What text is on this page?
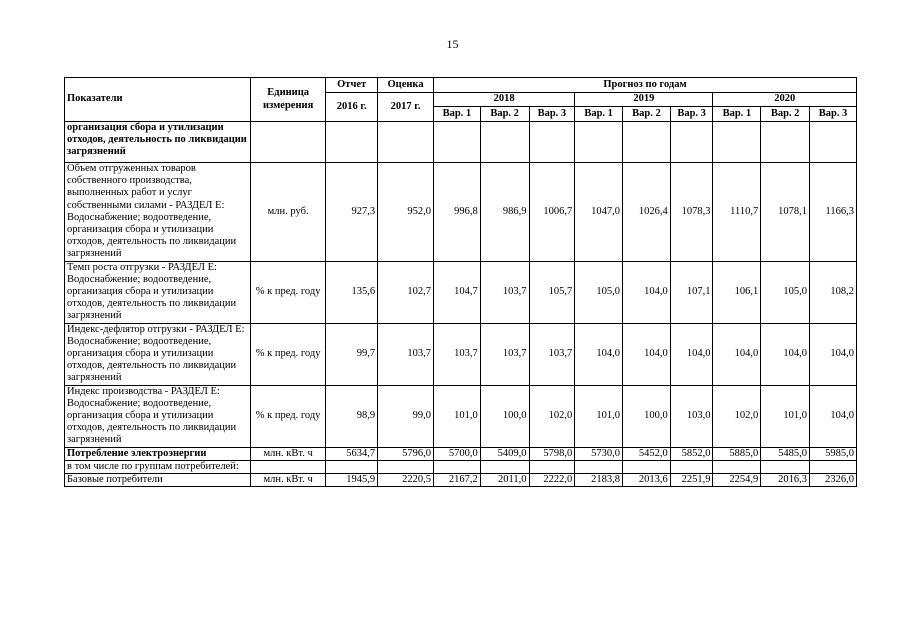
15
Показатели	Единица измерения	Отчет	Оценка	Прогноз по годам								
		2016 г.	2017 г.	2018			2019			2020		
				Вар. 1	Вар. 2	Вар. 3	Вар. 1	Вар. 2	Вар. 3	Вар. 1	Вар. 2	Вар. 3
организация сбора и утилизации отходов, деятельность по ликвидации загрязнений												
Объем отгруженных товаров собственного производства, выполненных работ и услуг собственными силами - РАЗДЕЛ Е: Водоснабжение; водоотведение, организация сбора и утилизации отходов, деятельность по ликвидации загрязнений	млн. руб.	927,3	952,0	996,8	986,9	1006,7	1047,0	1026,4	1078,3	1110,7	1078,1	1166,3
Темп роста отгрузки - РАЗДЕЛ Е: Водоснабжение; водоотведение, организация сбора и утилизации отходов, деятельность по ликвидации загрязнений	% к пред. году	135,6	102,7	104,7	103,7	105,7	105,0	104,0	107,1	106,1	105,0	108,2
Индекс-дефлятор отгрузки - РАЗДЕЛ Е: Водоснабжение; водоотведение, организация сбора и утилизации отходов, деятельность по ликвидации загрязнений	% к пред. году	99,7	103,7	103,7	103,7	103,7	104,0	104,0	104,0	104,0	104,0	104,0
Индекс производства - РАЗДЕЛ Е: Водоснабжение; водоотведение, организация сбора и утилизации отходов, деятельность по ликвидации загрязнений	% к пред. году	98,9	99,0	101,0	100,0	102,0	101,0	100,0	103,0	102,0	101,0	104,0
Потребление электроэнергии	млн. кВт. ч	5634,7	5796,0	5700,0	5409,0	5798,0	5730,0	5452,0	5852,0	5885,0	5485,0	5985,0
в том числе по группам потребителей:												
Базовые потребители	млн. кВт. ч	1945,9	2220,5	2167,2	2011,0	2222,0	2183,8	2013,6	2251,9	2254,9	2016,3	2326,0
